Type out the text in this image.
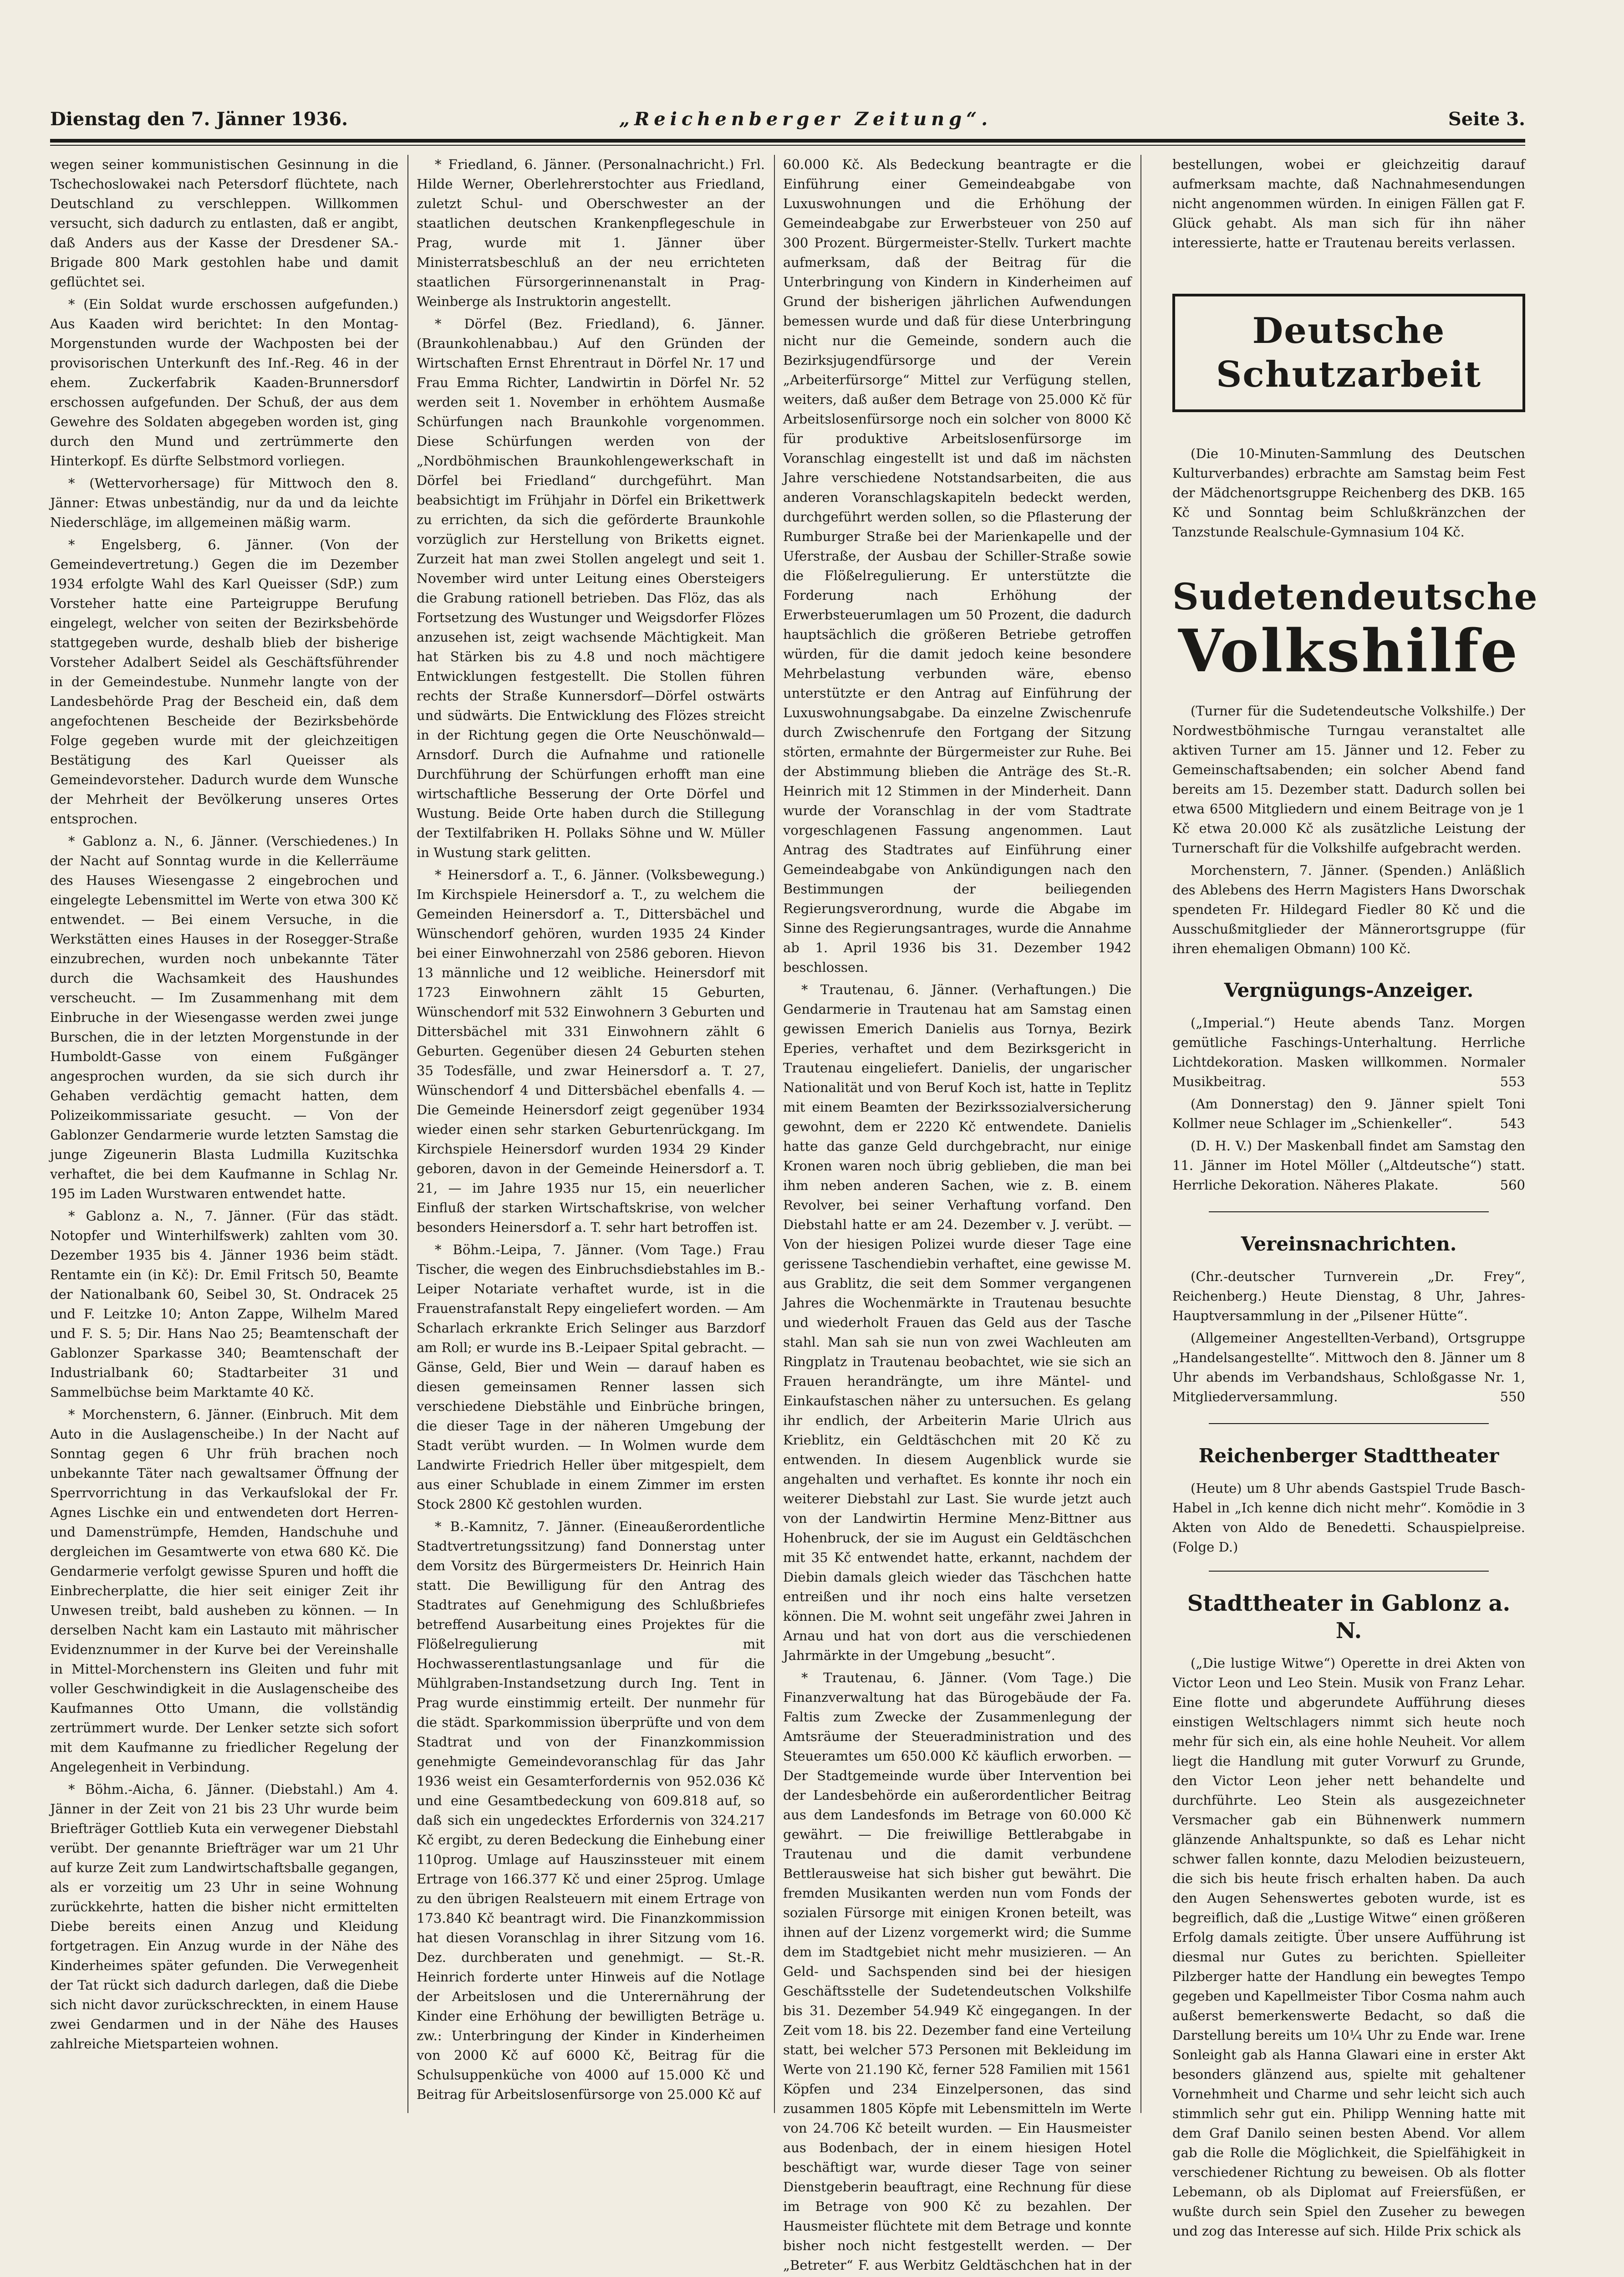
Dienstag den 7. Jänner 1936.	„Reichenberger Zeitung“.	Seite 3.

wegen seiner kommunistischen Gesinnung in die Tschechoslowakei nach Petersdorf flüchtete, nach Deutschland zu verschleppen. Willkommen versucht, sich dadurch zu entlasten, daß er angibt, daß Anders aus der Kasse der Dresdener SA.-Brigade 800 Mark gestohlen habe und damit geflüchtet sei.

* (Ein Soldat wurde erschossen aufgefunden.) Aus Kaaden wird berichtet: In den Montag-Morgenstunden wurde der Wachposten bei der provisorischen Unterkunft des Inf.-Reg. 46 in der ehem. Zuckerfabrik Kaaden-Brunnersdorf erschossen aufgefunden. Der Schuß, der aus dem Gewehre des Soldaten abgegeben worden ist, ging durch den Mund und zertrümmerte den Hinterkopf. Es dürfte Selbstmord vorliegen.

* (Wettervorhersage) für Mittwoch den 8. Jänner: Etwas unbeständig, nur da und da leichte Niederschläge, im allgemeinen mäßig warm.

* Engelsberg, 6. Jänner. (Von der Gemeindevertretung.) Gegen die im Dezember 1934 erfolgte Wahl des Karl Queisser (SdP.) zum Vorsteher hatte eine Parteigruppe Berufung eingelegt, welcher von seiten der Bezirksbehörde stattgegeben wurde, deshalb blieb der bisherige Vorsteher Adalbert Seidel als Geschäftsführender in der Gemeindestube. Nunmehr langte von der Landesbehörde Prag der Bescheid ein, daß dem angefochtenen Bescheide der Bezirksbehörde Folge gegeben wurde mit der gleichzeitigen Bestätigung des Karl Queisser als Gemeindevorsteher. Dadurch wurde dem Wunsche der Mehrheit der Bevölkerung unseres Ortes entsprochen.

* Gablonz a. N., 6. Jänner. (Verschiedenes.) In der Nacht auf Sonntag wurde in die Kellerräume des Hauses Wiesengasse 2 eingebrochen und eingelegte Lebensmittel im Werte von etwa 300 Kč entwendet. — Bei einem Versuche, in die Werkstätten eines Hauses in der Rosegger-Straße einzubrechen, wurden noch unbekannte Täter durch die Wachsamkeit des Haushundes verscheucht. — Im Zusammenhang mit dem Einbruche in der Wiesengasse werden zwei junge Burschen, die in der letzten Morgenstunde in der Humboldt-Gasse von einem Fußgänger angesprochen wurden, da sie sich durch ihr Gehaben verdächtig gemacht hatten, dem Polizeikommissariate gesucht. — Von der Gablonzer Gendarmerie wurde letzten Samstag die junge Zigeunerin Blasta Ludmilla Kuzitschka verhaftet, die bei dem Kaufmanne in Schlag Nr. 195 im Laden Wurstwaren entwendet hatte.

* Gablonz a. N., 7. Jänner. (Für das städt. Notopfer und Winterhilfswerk) zahlten vom 30. Dezember 1935 bis 4. Jänner 1936 beim städt. Rentamte ein (in Kč): Dr. Emil Fritsch 50, Beamte der Nationalbank 60, Seibel 30, St. Ondracek 25 und F. Leitzke 10; Anton Zappe, Wilhelm Mared und F. S. 5; Dir. Hans Nao 25; Beamtenschaft der Gablonzer Sparkasse 340; Beamtenschaft der Industrialbank 60; Stadtarbeiter 31 und Sammelbüchse beim Marktamte 40 Kč.

* Morchenstern, 6. Jänner. (Einbruch. Mit dem Auto in die Auslagenscheibe.) In der Nacht auf Sonntag gegen 6 Uhr früh brachen noch unbekannte Täter nach gewaltsamer Öffnung der Sperrvorrichtung in das Verkaufslokal der Fr. Agnes Lischke ein und entwendeten dort Herren- und Damenstrümpfe, Hemden, Handschuhe und dergleichen im Gesamtwerte von etwa 680 Kč. Die Gendarmerie verfolgt gewisse Spuren und hofft die Einbrecherplatte, die hier seit einiger Zeit ihr Unwesen treibt, bald ausheben zu können. — In derselben Nacht kam ein Lastauto mit mährischer Evidenznummer in der Kurve bei der Vereinshalle in Mittel-Morchenstern ins Gleiten und fuhr mit voller Geschwindigkeit in die Auslagenscheibe des Kaufmannes Otto Umann, die vollständig zertrümmert wurde. Der Lenker setzte sich sofort mit dem Kaufmanne zu friedlicher Regelung der Angelegenheit in Verbindung.

* Böhm.-Aicha, 6. Jänner. (Diebstahl.) Am 4. Jänner in der Zeit von 21 bis 23 Uhr wurde beim Briefträger Gottlieb Kuta ein verwegener Diebstahl verübt. Der genannte Briefträger war um 21 Uhr auf kurze Zeit zum Landwirtschaftsballe gegangen, als er vorzeitig um 23 Uhr in seine Wohnung zurückkehrte, hatten die bisher nicht ermittelten Diebe bereits einen Anzug und Kleidung fortgetragen. Ein Anzug wurde in der Nähe des Kinderheimes später gefunden. Die Verwegenheit der Tat rückt sich dadurch darlegen, daß die Diebe sich nicht davor zurückschreckten, in einem Hause zwei Gendarmen und in der Nähe des Hauses zahlreiche Mietsparteien wohnen.

* Friedland, 6. Jänner. (Personalnachricht.) Frl. Hilde Werner, Oberlehrerstochter aus Friedland, zuletzt Schul- und Oberschwester an der staatlichen deutschen Krankenpflegeschule in Prag, wurde mit 1. Jänner über Ministerratsbeschluß an der neu errichteten staatlichen Fürsorgerinnenanstalt in Prag-Weinberge als Instruktorin angestellt.

* Dörfel (Bez. Friedland), 6. Jänner. (Braunkohlenabbau.) Auf den Gründen der Wirtschaften Ernst Ehrentraut in Dörfel Nr. 17 und Frau Emma Richter, Landwirtin in Dörfel Nr. 52 werden seit 1. November in erhöhtem Ausmaße Schürfungen nach Braunkohle vorgenommen. Diese Schürfungen werden von der „Nordböhmischen Braunkohlengewerkschaft in Dörfel bei Friedland“ durchgeführt. Man beabsichtigt im Frühjahr in Dörfel ein Brikettwerk zu errichten, da sich die geförderte Braunkohle vorzüglich zur Herstellung von Briketts eignet. Zurzeit hat man zwei Stollen angelegt und seit 1. November wird unter Leitung eines Obersteigers die Grabung rationell betrieben. Das Flöz, das als Fortsetzung des Wustunger und Weigsdorfer Flözes anzusehen ist, zeigt wachsende Mächtigkeit. Man hat Stärken bis zu 4.8 und noch mächtigere Entwicklungen festgestellt. Die Stollen führen rechts der Straße Kunnersdorf—Dörfel ostwärts und südwärts. Die Entwicklung des Flözes streicht in der Richtung gegen die Orte Neuschönwald—Arnsdorf. Durch die Aufnahme und rationelle Durchführung der Schürfungen erhofft man eine wirtschaftliche Besserung der Orte Dörfel und Wustung. Beide Orte haben durch die Stillegung der Textilfabriken H. Pollaks Söhne und W. Müller in Wustung stark gelitten.

* Heinersdorf a. T., 6. Jänner. (Volksbewegung.) Im Kirchspiele Heinersdorf a. T., zu welchem die Gemeinden Heinersdorf a. T., Dittersbächel und Wünschendorf gehören, wurden 1935 24 Kinder bei einer Einwohnerzahl von 2586 geboren. Hievon 13 männliche und 12 weibliche. Heinersdorf mit 1723 Einwohnern zählt 15 Geburten, Wünschendorf mit 532 Einwohnern 3 Geburten und Dittersbächel mit 331 Einwohnern zählt 6 Geburten. Gegenüber diesen 24 Geburten stehen 35 Todesfälle, und zwar Heinersdorf a. T. 27, Wünschendorf 4 und Dittersbächel ebenfalls 4. — Die Gemeinde Heinersdorf zeigt gegenüber 1934 wieder einen sehr starken Geburtenrückgang. Im Kirchspiele Heinersdorf wurden 1934 29 Kinder geboren, davon in der Gemeinde Heinersdorf a. T. 21, — im Jahre 1935 nur 15, ein neuerlicher Einfluß der starken Wirtschaftskrise, von welcher besonders Heinersdorf a. T. sehr hart betroffen ist.

* Böhm.-Leipa, 7. Jänner. (Vom Tage.) Frau Tischer, die wegen des Einbruchsdiebstahles im B.-Leiper Notariate verhaftet wurde, ist in die Frauenstrafanstalt Repy eingeliefert worden. — Am Scharlach erkrankte Erich Selinger aus Barzdorf am Roll; er wurde ins B.-Leipaer Spital gebracht. — Gänse, Geld, Bier und Wein — darauf haben es diesen gemeinsamen Renner lassen sich verschiedene Diebstähle und Einbrüche bringen, die dieser Tage in der näheren Umgebung der Stadt verübt wurden. — In Wolmen wurde dem Landwirte Friedrich Heller über mitgespielt, dem aus einer Schublade in einem Zimmer im ersten Stock 2800 Kč gestohlen wurden.

* B.-Kamnitz, 7. Jänner. (Eineaußerordentliche Stadtvertretungssitzung) fand Donnerstag unter dem Vorsitz des Bürgermeisters Dr. Heinrich Hain statt. Die Bewilligung für den Antrag des Stadtrates auf Genehmigung des Schlußbriefes betreffend Ausarbeitung eines Projektes für die Flößelregulierung mit Hochwasserentlastungsanlage und für die Mühlgraben-Instandsetzung durch Ing. Tent in Prag wurde einstimmig erteilt. Der nunmehr für die städt. Sparkommission überprüfte und von dem Stadtrat und von der Finanzkommission genehmigte Gemeindevoranschlag für das Jahr 1936 weist ein Gesamterfordernis von 952.036 Kč und eine Gesamtbedeckung von 609.818 auf, so daß sich ein ungedecktes Erfordernis von 324.217 Kč ergibt, zu deren Bedeckung die Einhebung einer 110prog. Umlage auf Hauszinssteuer mit einem Ertrage von 166.377 Kč und einer 25prog. Umlage zu den übrigen Realsteuern mit einem Ertrage von 173.840 Kč beantragt wird. Die Finanzkommission hat diesen Voranschlag in ihrer Sitzung vom 16. Dez. durchberaten und genehmigt. — St.-R. Heinrich forderte unter Hinweis auf die Notlage der Arbeitslosen und die Unterernährung der Kinder eine Erhöhung der bewilligten Beträge u. zw.: Unterbringung der Kinder in Kinderheimen von 2000 Kč auf 6000 Kč, Beitrag für die Schulsuppenküche von 4000 auf 15.000 Kč und Beitrag für Arbeitslosenfürsorge von 25.000 Kč auf

60.000 Kč. Als Bedeckung beantragte er die Einführung einer Gemeindeabgabe von Luxuswohnungen und die Erhöhung der Gemeindeabgabe zur Erwerbsteuer von 250 auf 300 Prozent. Bürgermeister-Stellv. Turkert machte aufmerksam, daß der Beitrag für die Unterbringung von Kindern in Kinderheimen auf Grund der bisherigen jährlichen Aufwendungen bemessen wurde und daß für diese Unterbringung nicht nur die Gemeinde, sondern auch die Bezirksjugendfürsorge und der Verein „Arbeiterfürsorge“ Mittel zur Verfügung stellen, weiters, daß außer dem Betrage von 25.000 Kč für Arbeitslosenfürsorge noch ein solcher von 8000 Kč für produktive Arbeitslosenfürsorge im Voranschlag eingestellt ist und daß im nächsten Jahre verschiedene Notstandsarbeiten, die aus anderen Voranschlagskapiteln bedeckt werden, durchgeführt werden sollen, so die Pflasterung der Rumburger Straße bei der Marienkapelle und der Uferstraße, der Ausbau der Schiller-Straße sowie die Flößelregulierung. Er unterstützte die Forderung nach Erhöhung der Erwerbsteuerumlagen um 50 Prozent, die dadurch hauptsächlich die größeren Betriebe getroffen würden, für die damit jedoch keine besondere Mehrbelastung verbunden wäre, ebenso unterstützte er den Antrag auf Einführung der Luxuswohnungsabgabe. Da einzelne Zwischenrufe durch Zwischenrufe den Fortgang der Sitzung störten, ermahnte der Bürgermeister zur Ruhe. Bei der Abstimmung blieben die Anträge des St.-R. Heinrich mit 12 Stimmen in der Minderheit. Dann wurde der Voranschlag in der vom Stadtrate vorgeschlagenen Fassung angenommen. Laut Antrag des Stadtrates auf Einführung einer Gemeindeabgabe von Ankündigungen nach den Bestimmungen der beiliegenden Regierungsverordnung, wurde die Abgabe im Sinne des Regierungsantrages, wurde die Annahme ab 1. April 1936 bis 31. Dezember 1942 beschlossen.

* Trautenau, 6. Jänner. (Verhaftungen.) Die Gendarmerie in Trautenau hat am Samstag einen gewissen Emerich Danielis aus Tornya, Bezirk Eperies, verhaftet und dem Bezirksgericht in Trautenau eingeliefert. Danielis, der ungarischer Nationalität und von Beruf Koch ist, hatte in Teplitz mit einem Beamten der Bezirkssozialversicherung gewohnt, dem er 2220 Kč entwendete. Danielis hatte das ganze Geld durchgebracht, nur einige Kronen waren noch übrig geblieben, die man bei ihm neben anderen Sachen, wie z. B. einem Revolver, bei seiner Verhaftung vorfand. Den Diebstahl hatte er am 24. Dezember v. J. verübt. — Von der hiesigen Polizei wurde dieser Tage eine gerissene Taschendiebin verhaftet, eine gewisse M. aus Grablitz, die seit dem Sommer vergangenen Jahres die Wochenmärkte in Trautenau besuchte und wiederholt Frauen das Geld aus der Tasche stahl. Man sah sie nun von zwei Wachleuten am Ringplatz in Trautenau beobachtet, wie sie sich an Frauen herandrängte, um ihre Mäntel- und Einkaufstaschen näher zu untersuchen. Es gelang ihr endlich, der Arbeiterin Marie Ulrich aus Krieblitz, ein Geldtäschchen mit 20 Kč zu entwenden. In diesem Augenblick wurde sie angehalten und verhaftet. Es konnte ihr noch ein weiterer Diebstahl zur Last. Sie wurde jetzt auch von der Landwirtin Hermine Menz-Bittner aus Hohenbruck, der sie im August ein Geldtäschchen mit 35 Kč entwendet hatte, erkannt, nachdem der Diebin damals gleich wieder das Täschchen hatte entreißen und ihr noch eins halte versetzen können. Die M. wohnt seit ungefähr zwei Jahren in Arnau und hat von dort aus die verschiedenen Jahrmärkte in der Umgebung „besucht“.

* Trautenau, 6. Jänner. (Vom Tage.) Die Finanzverwaltung hat das Bürogebäude der Fa. Faltis zum Zwecke der Zusammenlegung der Amtsräume der Steueradministration und des Steueramtes um 650.000 Kč käuflich erworben. — Der Stadtgemeinde wurde über Intervention bei der Landesbehörde ein außerordentlicher Beitrag aus dem Landesfonds im Betrage von 60.000 Kč gewährt. — Die freiwillige Bettlerabgabe in Trautenau und die damit verbundene Bettlerausweise hat sich bisher gut bewährt. Die fremden Musikanten werden nun vom Fonds der sozialen Fürsorge mit einigen Kronen beteilt, was ihnen auf der Lizenz vorgemerkt wird; die Summe dem im Stadtgebiet nicht mehr musizieren. — An Geld- und Sachspenden sind bei der hiesigen Geschäftsstelle der Sudetendeutschen Volkshilfe bis 31. Dezember 54.949 Kč eingegangen. In der Zeit vom 18. bis 22. Dezember fand eine Verteilung statt, bei welcher 573 Personen mit Bekleidung im Werte von 21.190 Kč, ferner 528 Familien mit 1561 Köpfen und 234 Einzelpersonen, das sind zusammen 1805 Köpfe mit Lebensmitteln im Werte von 24.706 Kč beteilt wurden. — Ein Hausmeister aus Bodenbach, der in einem hiesigen Hotel beschäftigt war, wurde dieser Tage von seiner Dienstgeberin beauftragt, eine Rechnung für diese im Betrage von 900 Kč zu bezahlen. Der Hausmeister flüchtete mit dem Betrage und konnte bisher noch nicht festgestellt werden. — Der „Betreter“ F. aus Werbitz Geldtäschchen hat in der

bestellungen, wobei er gleichzeitig darauf aufmerksam machte, daß Nachnahmesendungen nicht angenommen würden. In einigen Fällen gat F. Glück gehabt. Als man sich für ihn näher interessierte, hatte er Trautenau bereits verlassen.

Deutsche Schutzarbeit

(Die 10-Minuten-Sammlung des Deutschen Kulturverbandes) erbrachte am Samstag beim Fest der Mädchenortsgruppe Reichenberg des DKB. 165 Kč und Sonntag beim Schlußkränzchen der Tanzstunde Realschule-Gymnasium 104 Kč.

Sudetendeutsche
Volkshilfe

(Turner für die Sudetendeutsche Volkshilfe.) Der Nordwestböhmische Turngau veranstaltet alle aktiven Turner am 15. Jänner und 12. Feber zu Gemeinschaftsabenden; ein solcher Abend fand bereits am 15. Dezember statt. Dadurch sollen bei etwa 6500 Mitgliedern und einem Beitrage von je 1 Kč etwa 20.000 Kč als zusätzliche Leistung der Turnerschaft für die Volkshilfe aufgebracht werden.

Morchenstern, 7. Jänner. (Spenden.) Anläßlich des Ablebens des Herrn Magisters Hans Dworschak spendeten Fr. Hildegard Fiedler 80 Kč und die Ausschußmitglieder der Männerortsgruppe (für ihren ehemaligen Obmann) 100 Kč.

Vergnügungs-Anzeiger.

(„Imperial.“) Heute abends Tanz. Morgen gemütliche Faschings-Unterhaltung. Herrliche Lichtdekoration. Masken willkommen. Normaler Musikbeitrag.	553

(Am Donnerstag) den 9. Jänner spielt Toni Kollmer neue Schlager im „Schienkeller“.	543

(D. H. V.) Der Maskenball findet am Samstag den 11. Jänner im Hotel Möller („Altdeutsche“) statt. Herrliche Dekoration. Näheres Plakate.	560

Vereinsnachrichten.

(Chr.-deutscher Turnverein „Dr. Frey“, Reichenberg.) Heute Dienstag, 8 Uhr, Jahres-Hauptversammlung in der „Pilsener Hütte“.

(Allgemeiner Angestellten-Verband), Ortsgruppe „Handelsangestellte“. Mittwoch den 8. Jänner um 8 Uhr abends im Verbandshaus, Schloßgasse Nr. 1, Mitgliederversammlung.	550

Reichenberger Stadttheater

(Heute) um 8 Uhr abends Gastspiel Trude Basch-Habel in „Ich kenne dich nicht mehr“. Komödie in 3 Akten von Aldo de Benedetti. Schauspielpreise. (Folge D.)

Stadttheater in Gablonz a. N.

(„Die lustige Witwe“) Operette in drei Akten von Victor Leon und Leo Stein. Musik von Franz Lehar. Eine flotte und abgerundete Aufführung dieses einstigen Weltschlagers nimmt sich heute noch mehr für sich ein, als eine hohle Neuheit. Vor allem liegt die Handlung mit guter Vorwurf zu Grunde, den Victor Leon jeher nett behandelte und durchführte. Leo Stein als ausgezeichneter Versmacher gab ein Bühnenwerk nummern glänzende Anhaltspunkte, so daß es Lehar nicht schwer fallen konnte, dazu Melodien beizusteuern, die sich bis heute frisch erhalten haben. Da auch den Augen Sehenswertes geboten wurde, ist es begreiflich, daß die „Lustige Witwe“ einen größeren Erfolg damals zeitigte. Über unsere Aufführung ist diesmal nur Gutes zu berichten. Spielleiter Pilzberger hatte der Handlung ein bewegtes Tempo gegeben und Kapellmeister Tibor Cosma nahm auch außerst bemerkenswerte Bedacht, so daß die Darstellung bereits um 10¼ Uhr zu Ende war. Irene Sonleight gab als Hanna Glawari eine in erster Akt besonders glänzend aus, spielte mit gehaltener Vornehmheit und Charme und sehr leicht sich auch stimmlich sehr gut ein. Philipp Wenning hatte mit dem Graf Danilo seinen besten Abend. Vor allem gab die Rolle die Möglichkeit, die Spielfähigkeit in verschiedener Richtung zu beweisen. Ob als flotter Lebemann, ob als Diplomat auf Freiersfüßen, er wußte durch sein Spiel den Zuseher zu bewegen und zog das Interesse auf sich. Hilde Prix schick als
